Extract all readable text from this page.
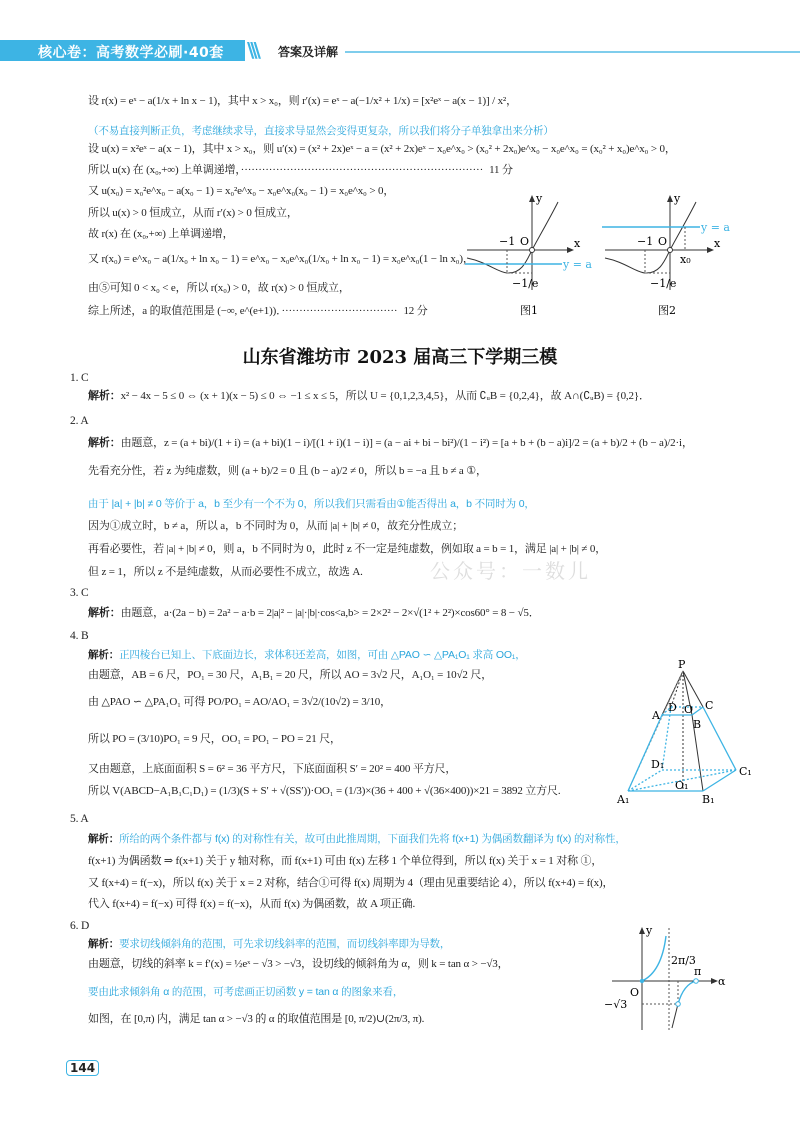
核心卷：高考数学必刷·40套 \\\ 答案及详解
设 r(x) = eˣ − a(1/x + ln x − 1)，其中 x > x₀，则 r′(x) = eˣ − a(−1/x² + 1/x) = [x²eˣ − a(x − 1)] / x²，
（不易直接判断正负，考虑继续求导，直接求导显然会变得更复杂，所以我们将分子单独拿出来分析）
设 u(x) = x²eˣ − a(x − 1)，其中 x > x₀，则 u′(x) = (x² + 2x)eˣ − a = (x² + 2x)eˣ − x₀e^x₀ > (x₀² + 2x₀)e^x₀ − x₀e^x₀ = (x₀² + x₀)e^x₀ > 0，
所以 u(x) 在 (x₀,+∞) 上单调递增，····································································· 11 分
又 u(x₀) = x₀²e^x₀ − a(x₀ − 1) = x₀²e^x₀ − x₀e^x₀(x₀ − 1) = x₀e^x₀ > 0，
所以 u(x) > 0 恒成立，从而 r′(x) > 0 恒成立，
故 r(x) 在 (x₀,+∞) 上单调递增，
又 r(x₀) = e^x₀ − a(1/x₀ + ln x₀ − 1) = e^x₀ − x₀e^x₀(1/x₀ + ln x₀ − 1) = x₀e^x₀(1 − ln x₀)，
由⑤可知 0 < x₀ < e，所以 r(x₀) > 0，故 r(x) > 0 恒成立，
综上所述，a 的取值范围是 (−∞, e^(e+1))．································· 12 分
1. C
解析：x² − 4x − 5 ≤ 0 ⇔ (x + 1)(x − 5) ≤ 0 ⇔ −1 ≤ x ≤ 5，所以 U = {0,1,2,3,4,5}，从而 ∁ᵤB = {0,2,4}，故 A∩(∁ᵤB) = {0,2}．
2. A
解析：由题意，z = (a + bi)/(1 + i) = (a + bi)(1 − i)/[(1 + i)(1 − i)] = (a − ai + bi − bi²)/(1 − i²) = [a + b + (b − a)i]/2 = (a + b)/2 + (b − a)/2·i，
先看充分性，若 z 为纯虚数，则 (a + b)/2 = 0 且 (b − a)/2 ≠ 0，所以 b = −a 且 b ≠ a ①，
由于 |a| + |b| ≠ 0 等价于 a，b 至少有一个不为 0，所以我们只需看由①能否得出 a，b 不同时为 0，
因为①成立时，b ≠ a，所以 a，b 不同时为 0，从而 |a| + |b| ≠ 0，故充分性成立；
再看必要性，若 |a| + |b| ≠ 0，则 a，b 不同时为 0，此时 z 不一定是纯虚数，例如取 a = b = 1，满足 |a| + |b| ≠ 0，
但 z = 1，所以 z 不是纯虚数，从而必要性不成立，故选 A.
3. C
解析：由题意，a·(2a − b) = 2a² − a·b = 2|a|² − |a|·|b|·cos<a,b> = 2×2² − 2×√(1² + 2²)×cos60° = 8 − √5．
4. B
解析：正四棱台已知上、下底面边长，求体积还差高，如图，可由 △PAO ∽ △PA₁O₁ 求高 OO₁，
由题意，AB = 6 尺，PO₁ = 30 尺，A₁B₁ = 20 尺，所以 AO = 3√2 尺，A₁O₁ = 10√2 尺，
由 △PAO ∽ △PA₁O₁ 可得 PO/PO₁ = AO/AO₁ = 3√2/(10√2) = 3/10，
所以 PO = (3/10)PO₁ = 9 尺，OO₁ = PO₁ − PO = 21 尺，
又由题意，上底面面积 S = 6² = 36 平方尺，下底面面积 S′ = 20² = 400 平方尺，
所以 V(ABCD−A₁B₁C₁D₁) = (1/3)(S + S′ + √(SS′))·OO₁ = (1/3)×(36 + 400 + √(36×400))×21 = 3892 立方尺.
5. A
解析：所给的两个条件都与 f(x) 的对称性有关，故可由此推周期，下面我们先将 f(x+1) 为偶函数翻译为 f(x) 的对称性，
f(x+1) 为偶函数 ⇒ f(x+1) 关于 y 轴对称，而 f(x+1) 可由 f(x) 左移 1 个单位得到，所以 f(x) 关于 x = 1 对称 ①，
又 f(x+4) = f(−x)，所以 f(x) 关于 x = 2 对称，结合①可得 f(x) 周期为 4（理由见重要结论 4），所以 f(x+4) = f(x)，
代入 f(x+4) = f(−x) 可得 f(x) = f(−x)，从而 f(x) 为偶函数，故 A 项正确.
6. D
解析：要求切线倾斜角的范围，可先求切线斜率的范围，而切线斜率即为导数，
由题意，切线的斜率 k = f′(x) = ½eˣ − √3 > −√3，设切线的倾斜角为 α，则 k = tan α > −√3，
要由此求倾斜角 α 的范围，可考虑画正切函数 y = tan α 的图象来看，
如图，在 [0,π) 内，满足 tan α > −√3 的 α 的取值范围是 [0, π/2)∪(2π/3, π).
山东省潍坊市 2023 届高三下学期三模
公众号：一数儿
y
x
−1 O
−1/e
y = a
图1
y
x
−1 O
−1/e
y = a
x₀
图2
P
A
B
C
D O
A₁	B₁
C₁
D₁
O₁
y
α
O
2π/3
π
−√3
144
